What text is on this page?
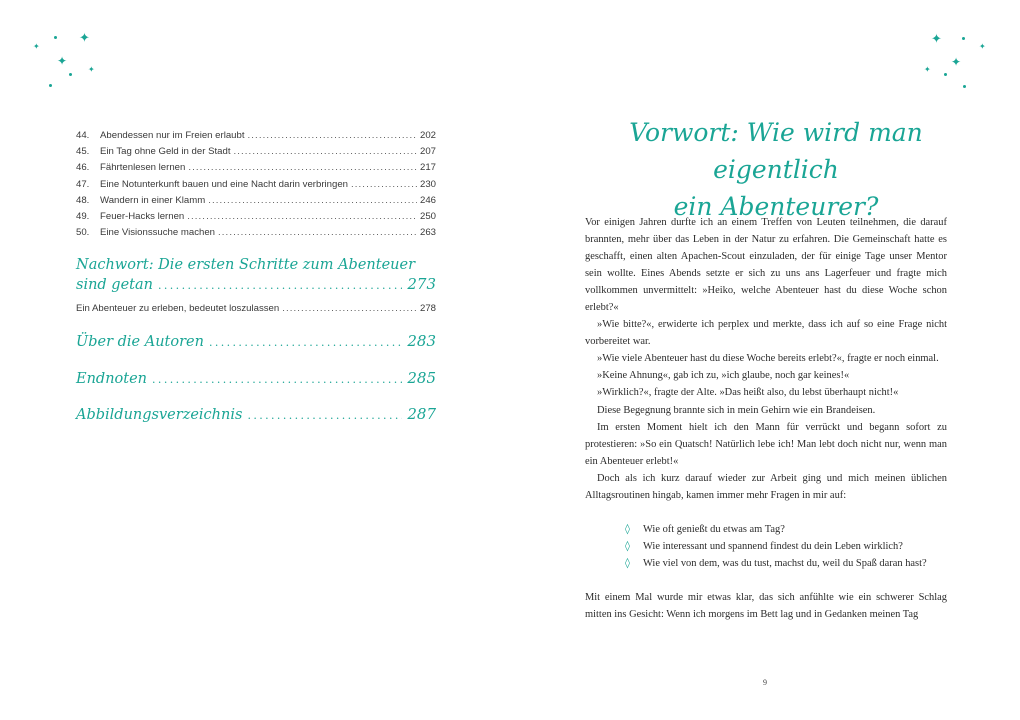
✦
✦
✦
✦
44.	Abendessen nur im Freien erlaubt .....	202
45.	Ein Tag ohne Geld in der Stadt .....	207
46.	Fährtenlesen lernen .....	217
47.	Eine Notunterkunft bauen und eine Nacht darin verbringen .....	230
48.	Wandern in einer Klamm .....	246
49.	Feuer-Hacks lernen .....	250
50.	Eine Visionssuche machen .....	263
Nachwort: Die ersten Schritte zum Abenteuer
sind getan .....	273
Ein Abenteuer zu erleben, bedeutet loszulassen .....	278
Über die Autoren .....	283
Endnoten .....	285
Abbildungsverzeichnis .....	287
✦	✦
✦
✦
Vorwort: Wie wird man eigentlich
ein Abenteurer?

Vor einigen Jahren durfte ich an einem Treffen von Leuten teilnehmen, die darauf brannten, mehr über das Leben in der Natur zu erfahren. Die Gemeinschaft hatte es geschafft, einen alten Apachen-Scout einzuladen, der für einige Tage unser Mentor sein wollte. Eines Abends setzte er sich zu uns ans Lagerfeuer und fragte mich vollkommen unvermittelt: »Heiko, welche Abenteuer hast du diese Woche schon erlebt?«

»Wie bitte?«, erwiderte ich perplex und merkte, dass ich auf so eine Frage nicht vorbereitet war.

»Wie viele Abenteuer hast du diese Woche bereits erlebt?«, fragte er noch einmal.

»Keine Ahnung«, gab ich zu, »ich glaube, noch gar keines!«

»Wirklich?«, fragte der Alte. »Das heißt also, du lebst überhaupt nicht!«

Diese Begegnung brannte sich in mein Gehirn wie ein Brandeisen.

Im ersten Moment hielt ich den Mann für verrückt und begann sofort zu protestieren: »So ein Quatsch! Natürlich lebe ich! Man lebt doch nicht nur, wenn man ein Abenteuer erlebt!«

Doch als ich kurz darauf wieder zur Arbeit ging und mich meinen üblichen Alltagsroutinen hingab, kamen immer mehr Fragen in mir auf:

◊	Wie oft genießt du etwas am Tag?
◊	Wie interessant und spannend findest du dein Leben wirklich?
◊	Wie viel von dem, was du tust, machst du, weil du Spaß daran hast?

Mit einem Mal wurde mir etwas klar, das sich anfühlte wie ein schwerer Schlag mitten ins Gesicht: Wenn ich morgens im Bett lag und in Gedanken meinen Tag

9
